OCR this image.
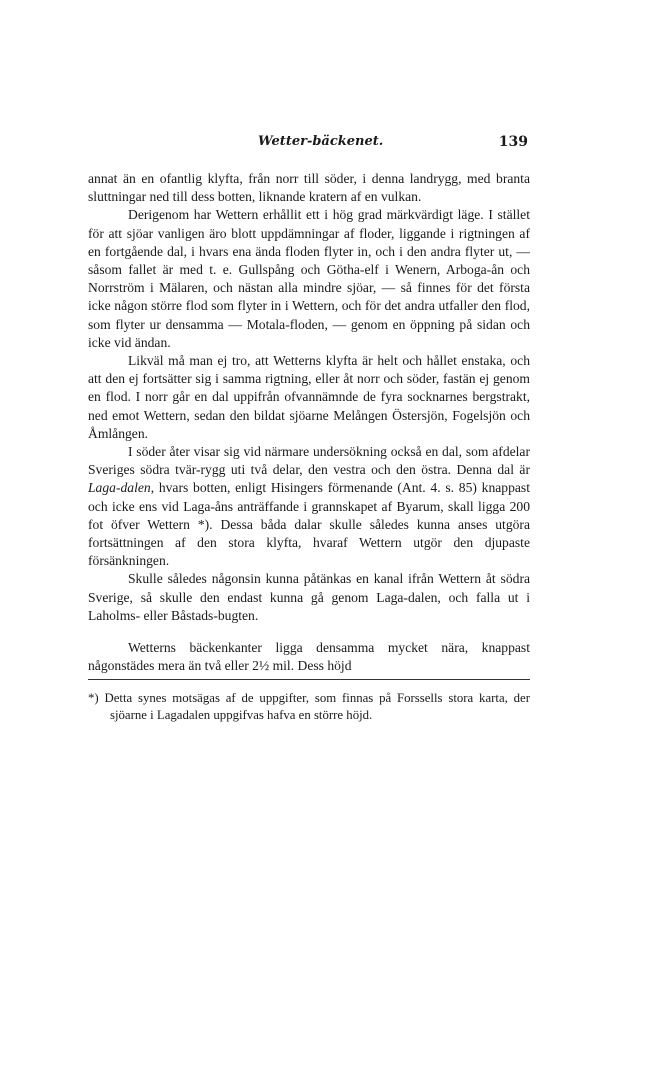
Wetter-bäckenet.	139

annat än en ofantlig klyfta, från norr till söder, i denna landrygg, med branta sluttningar ned till dess botten, liknande kratern af en vulkan.

Derigenom har Wettern erhållit ett i hög grad märkvärdigt läge. I stället för att sjöar vanligen äro blott uppdämningar af floder, liggande i rigtningen af en fortgående dal, i hvars ena ända floden flyter in, och i den andra flyter ut, — såsom fallet är med t. e. Gullspång och Götha-elf i Wenern, Arboga-ån och Norrström i Mälaren, och nästan alla mindre sjöar, — så finnes för det första icke någon större flod som flyter in i Wettern, och för det andra utfaller den flod, som flyter ur densamma — Motala-floden, — genom en öppning på sidan och icke vid ändan.

Likväl må man ej tro, att Wetterns klyfta är helt och hållet enstaka, och att den ej fortsätter sig i samma rigtning, eller åt norr och söder, fastän ej genom en flod. I norr går en dal uppifrån ofvannämnde de fyra socknarnes bergstrakt, ned emot Wettern, sedan den bildat sjöarne Melången Östersjön, Fogelsjön och Åmlången.

I söder åter visar sig vid närmare undersökning också en dal, som afdelar Sveriges södra tvär-rygg uti två delar, den vestra och den östra. Denna dal är Laga-dalen, hvars botten, enligt Hisingers förmenande (Ant. 4. s. 85) knappast och icke ens vid Laga-åns anträffande i grannskapet af Byarum, skall ligga 200 fot öfver Wettern *). Dessa båda dalar skulle således kunna anses utgöra fortsättningen af den stora klyfta, hvaraf Wettern utgör den djupaste försänkningen.

Skulle således någonsin kunna påtänkas en kanal ifrån Wettern åt södra Sverige, så skulle den endast kunna gå genom Laga-dalen, och falla ut i Laholms- eller Båstads-bugten.

Wetterns bäckenkanter ligga densamma mycket nära, knappast någonstädes mera än två eller 2½ mil. Dess höjd

*) Detta synes motsägas af de uppgifter, som finnas på Forssells stora karta, der sjöarne i Lagadalen uppgifvas hafva en större höjd.
